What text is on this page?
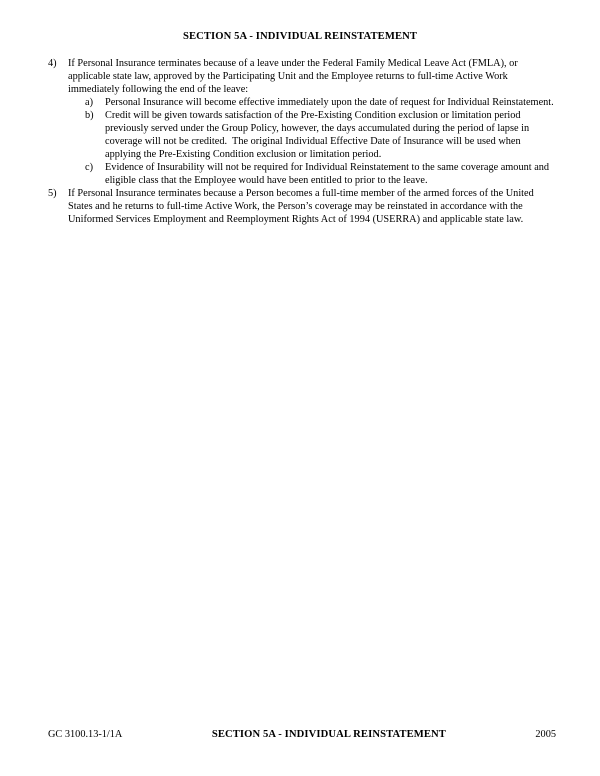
SECTION 5A - INDIVIDUAL REINSTATEMENT
4)	If Personal Insurance terminates because of a leave under the Federal Family Medical Leave Act (FMLA), or applicable state law, approved by the Participating Unit and the Employee returns to full-time Active Work immediately following the end of the leave:
a)	Personal Insurance will become effective immediately upon the date of request for Individual Reinstatement.
b)	Credit will be given towards satisfaction of the Pre-Existing Condition exclusion or limitation period previously served under the Group Policy, however, the days accumulated during the period of lapse in coverage will not be credited.  The original Individual Effective Date of Insurance will be used when applying the Pre-Existing Condition exclusion or limitation period.
c)	Evidence of Insurability will not be required for Individual Reinstatement to the same coverage amount and eligible class that the Employee would have been entitled to prior to the leave.
5)	If Personal Insurance terminates because a Person becomes a full-time member of the armed forces of the United States and he returns to full-time Active Work, the Person’s coverage may be reinstated in accordance with the Uniformed Services Employment and Reemployment Rights Act of 1994 (USERRA) and applicable state law.
GC 3100.13-1/1A	SECTION 5A - INDIVIDUAL REINSTATEMENT	2005
